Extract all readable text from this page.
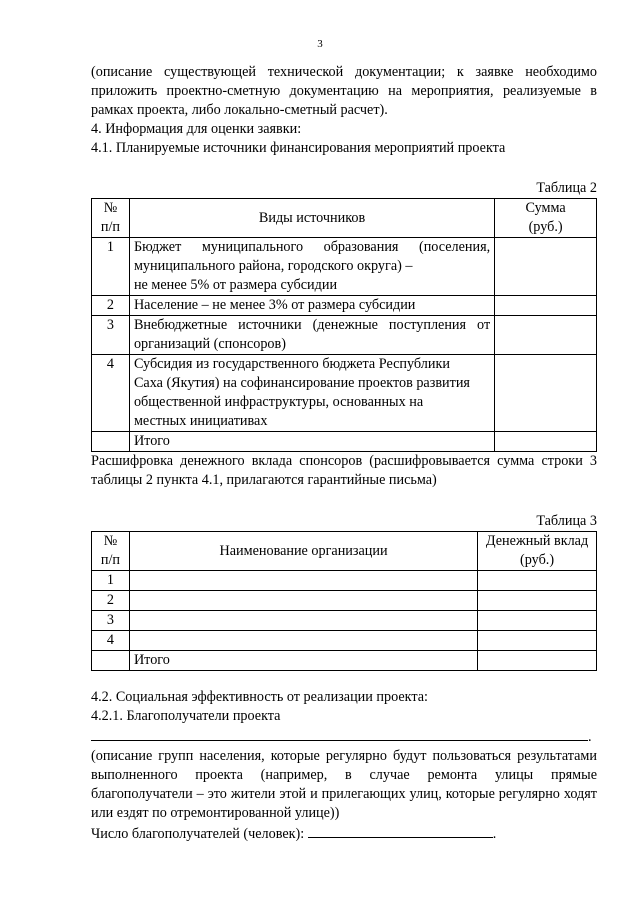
3

(описание существующей технической документации; к заявке необходимо приложить проектно-сметную документацию на мероприятия, реализуемые в рамках проекта, либо локально-сметный расчет).

4. Информация для оценки заявки:

4.1. Планируемые источники финансирования мероприятий проекта

Таблица 2

№
п/п	Виды источников	Сумма
(руб.)
1	Бюджет муниципального образования (поселения, муниципального района, городского округа) –
не менее 5% от размера субсидии	
2	Население – не менее 3% от размера субсидии	
3	Внебюджетные источники (денежные поступления от организаций (спонсоров)	
4	Субсидия из государственного бюджета Республики
Саха (Якутия) на софинансирование проектов развития
общественной инфраструктуры, основанных на
местных инициативах	
	Итого	

Расшифровка денежного вклада спонсоров (расшифровывается сумма строки 3 таблицы 2 пункта 4.1, прилагаются гарантийные письма)

Таблица 3

№
п/п	Наименование организации	Денежный вклад
(руб.)
1		
2		
3		
4		
	Итого	

4.2. Социальная эффективность от реализации проекта:

4.2.1. Благополучатели проекта

.

(описание групп населения, которые регулярно будут пользоваться результатами выполненного проекта (например, в случае ремонта улицы прямые благополучатели – это жители этой и прилегающих улиц, которые регулярно ходят или ездят по отремонтированной улице))

Число благополучателей (человек):	.
